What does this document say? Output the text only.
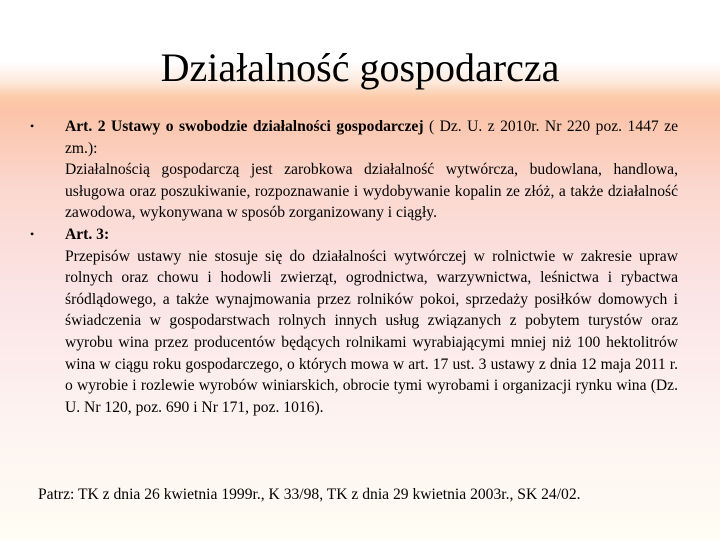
Działalność gospodarcza
• Art. 2 Ustawy o swobodzie działalności gospodarczej ( Dz. U. z 2010r. Nr 220 poz. 1447 ze zm.):
Działalnością gospodarczą jest zarobkowa działalność wytwórcza, budowlana, handlowa, usługowa oraz poszukiwanie, rozpoznawanie i wydobywanie kopalin ze złóż, a także działalność zawodowa, wykonywana w sposób zorganizowany i ciągły.
• Art. 3:
Przepisów ustawy nie stosuje się do działalności wytwórczej w rolnictwie w zakresie upraw rolnych oraz chowu i hodowli zwierząt, ogrodnictwa, warzywnictwa, leśnictwa i rybactwa śródlądowego, a także wynajmowania przez rolników pokoi, sprzedaży posiłków domowych i świadczenia w gospodarstwach rolnych innych usług związanych z pobytem turystów oraz wyrobu wina przez producentów będących rolnikami wyrabiającymi mniej niż 100 hektolitrów wina w ciągu roku gospodarczego, o których mowa w art. 17 ust. 3 ustawy z dnia 12 maja 2011 r. o wyrobie i rozlewie wyrobów winiarskich, obrocie tymi wyrobami i organizacji rynku wina (Dz. U. Nr 120, poz. 690 i Nr 171, poz. 1016).
Patrz: TK z dnia 26 kwietnia 1999r., K 33/98, TK z dnia 29 kwietnia 2003r., SK 24/02.
